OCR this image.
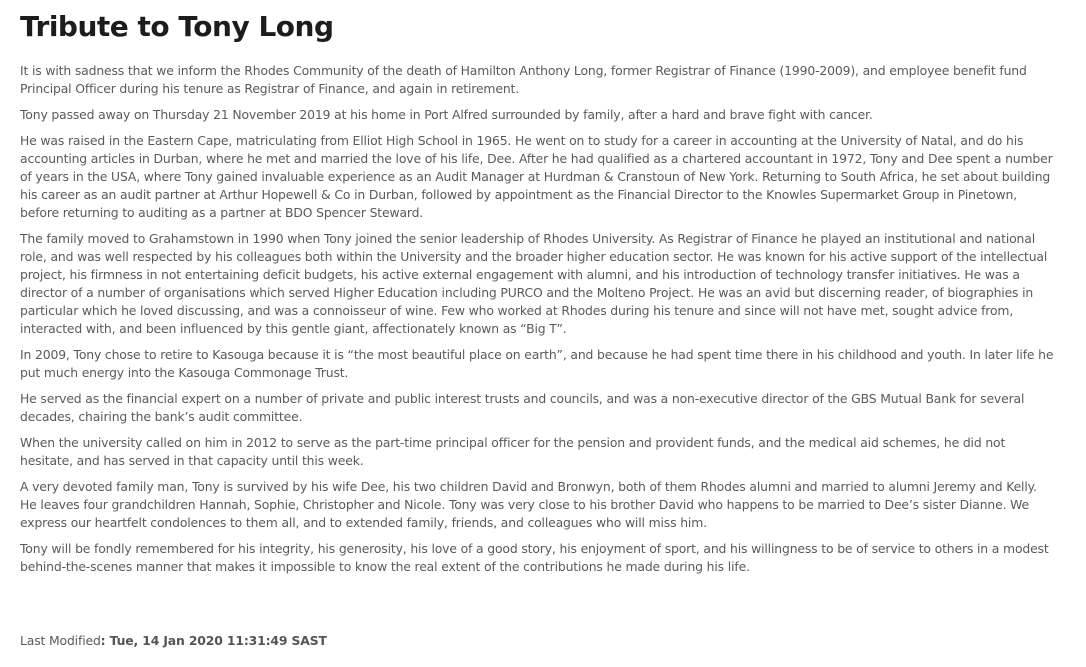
Tribute to Tony Long

It is with sadness that we inform the Rhodes Community of the death of Hamilton Anthony Long, former Registrar of Finance (1990-2009), and employee benefit fund Principal Officer during his tenure as Registrar of Finance, and again in retirement.

Tony passed away on Thursday 21 November 2019 at his home in Port Alfred surrounded by family, after a hard and brave fight with cancer.

He was raised in the Eastern Cape, matriculating from Elliot High School in 1965. He went on to study for a career in accounting at the University of Natal, and do his accounting articles in Durban, where he met and married the love of his life, Dee. After he had qualified as a chartered accountant in 1972, Tony and Dee spent a number of years in the USA, where Tony gained invaluable experience as an Audit Manager at Hurdman & Cranstoun of New York. Returning to South Africa, he set about building his career as an audit partner at Arthur Hopewell & Co in Durban, followed by appointment as the Financial Director to the Knowles Supermarket Group in Pinetown, before returning to auditing as a partner at BDO Spencer Steward.

The family moved to Grahamstown in 1990 when Tony joined the senior leadership of Rhodes University. As Registrar of Finance he played an institutional and national role, and was well respected by his colleagues both within the University and the broader higher education sector. He was known for his active support of the intellectual project, his firmness in not entertaining deficit budgets, his active external engagement with alumni, and his introduction of technology transfer initiatives. He was a director of a number of organisations which served Higher Education including PURCO and the Molteno Project. He was an avid but discerning reader, of biographies in particular which he loved discussing, and was a connoisseur of wine. Few who worked at Rhodes during his tenure and since will not have met, sought advice from, interacted with, and been influenced by this gentle giant, affectionately known as “Big T”.

In 2009, Tony chose to retire to Kasouga because it is “the most beautiful place on earth”, and because he had spent time there in his childhood and youth. In later life he put much energy into the Kasouga Commonage Trust.

He served as the financial expert on a number of private and public interest trusts and councils, and was a non-executive director of the GBS Mutual Bank for several decades, chairing the bank’s audit committee.

When the university called on him in 2012 to serve as the part-time principal officer for the pension and provident funds, and the medical aid schemes, he did not hesitate, and has served in that capacity until this week.

A very devoted family man, Tony is survived by his wife Dee, his two children David and Bronwyn, both of them Rhodes alumni and married to alumni Jeremy and Kelly. He leaves four grandchildren Hannah, Sophie, Christopher and Nicole. Tony was very close to his brother David who happens to be married to Dee’s sister Dianne. We express our heartfelt condolences to them all, and to extended family, friends, and colleagues who will miss him.

Tony will be fondly remembered for his integrity, his generosity, his love of a good story, his enjoyment of sport, and his willingness to be of service to others in a modest behind-the-scenes manner that makes it impossible to know the real extent of the contributions he made during his life.

Last Modified: Tue, 14 Jan 2020 11:31:49 SAST
